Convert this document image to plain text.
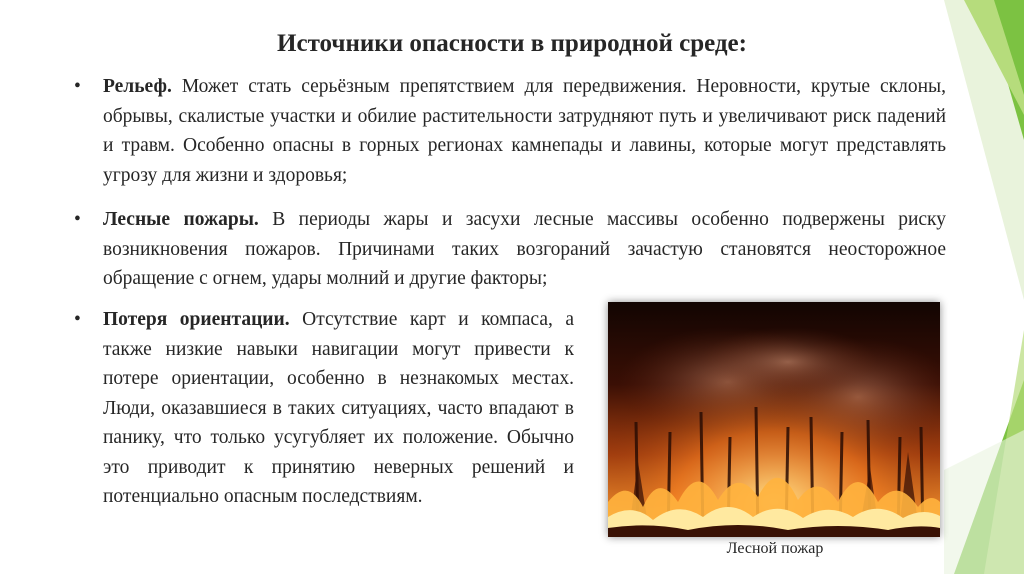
Источники опасности в природной среде:
• Рельеф. Может стать серьёзным препятствием для передвижения. Неровности, крутые склоны, обрывы, скалистые участки и обилие растительности затрудняют путь и увеличивают риск падений и травм. Особенно опасны в горных регионах камнепады и лавины, которые могут представлять угрозу для жизни и здоровья;
• Лесные пожары. В периоды жары и засухи лесные массивы особенно подвержены риску возникновения пожаров. Причинами таких возгораний зачастую становятся неосторожное обращение с огнем, удары молний и другие факторы;
• Потеря ориентации. Отсутствие карт и компаса, а также низкие навыки навигации могут привести к потере ориентации, особенно в незнакомых местах. Люди, оказавшиеся в таких ситуациях, часто впадают в панику, что только усугубляет их положение. Обычно это приводит к принятию неверных решений и потенциально опасным последствиям.
Лесной пожар
